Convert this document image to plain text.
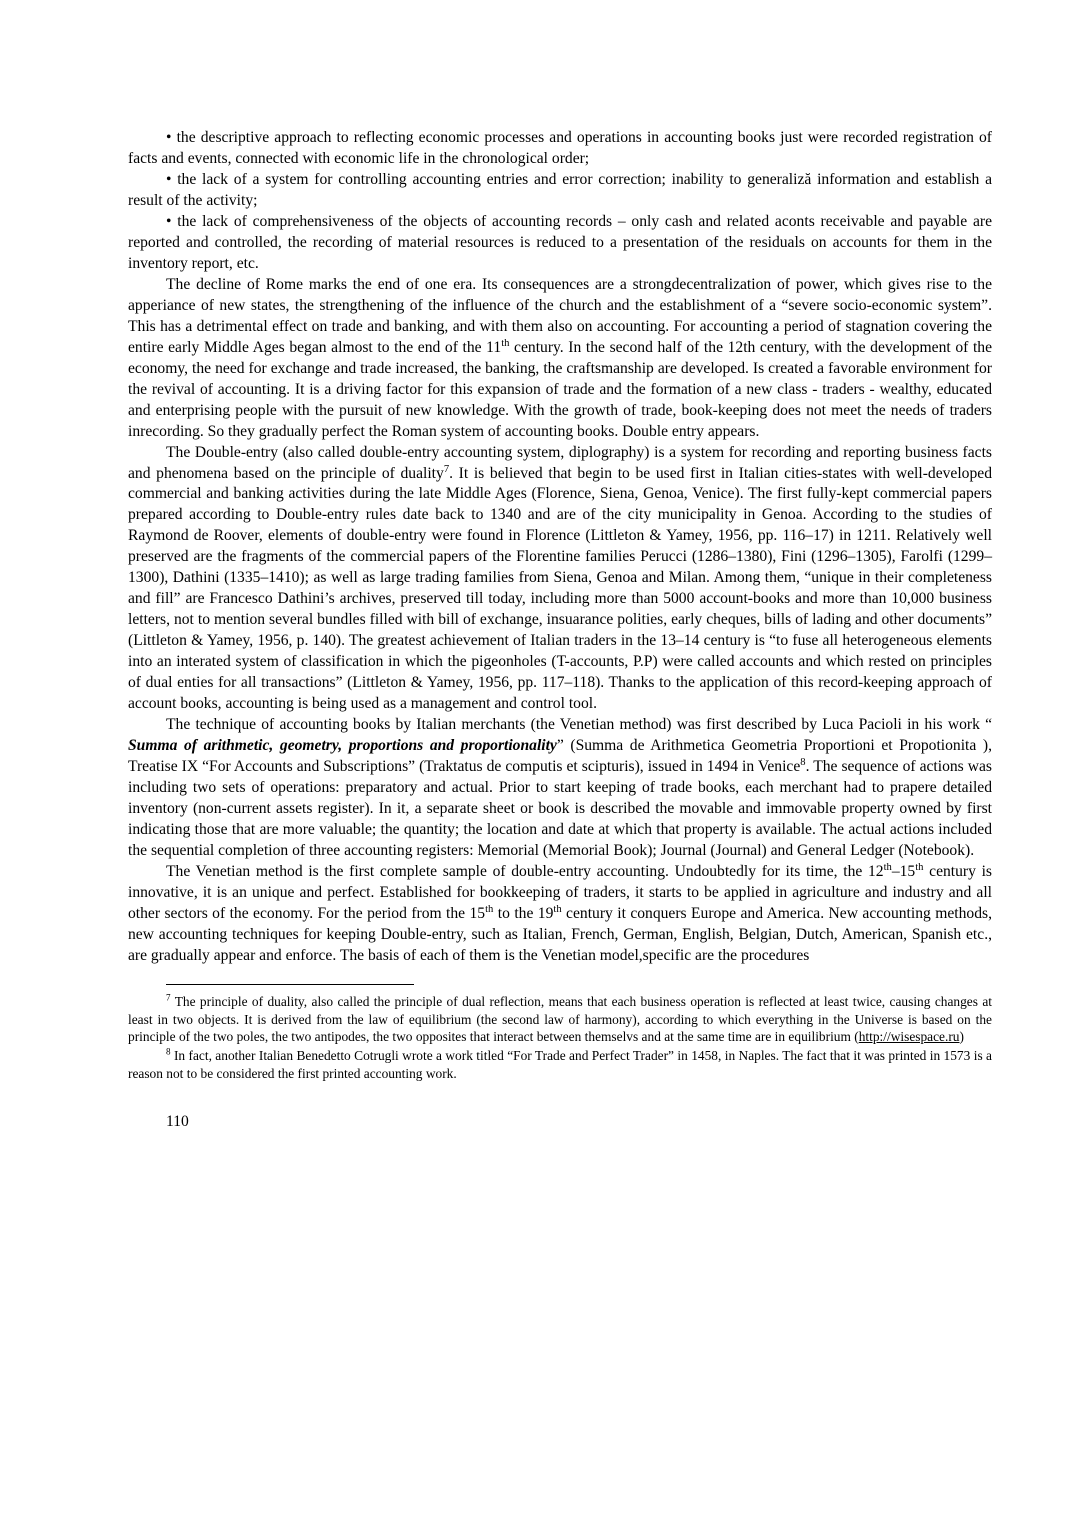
• the descriptive approach to reflecting economic processes and operations in accounting books just were recorded registration of facts and events, connected with economic life in the chronological order;

• the lack of a system for controlling accounting entries and error correction; inability to generaliză information and establish a result of the activity;

• the lack of comprehensiveness of the objects of accounting records – only cash and related aconts receivable and payable are reported and controlled, the recording of material resources is reduced to a presentation of the residuals on accounts for them in the inventory report, etc.

The decline of Rome marks the end of one era. Its consequences are a strongdecentralization of power, which gives rise to the apperiance of new states, the strengthening of the influence of the church and the establishment of a “severe socio-economic system”. This has a detrimental effect on trade and banking, and with them also on accounting. For accounting a period of stagnation covering the entire early Middle Ages began almost to the end of the 11th century. In the second half of the 12th century, with the development of the economy, the need for exchange and trade increased, the banking, the craftsmanship are developed. Is created a favorable environment for the revival of accounting. It is a driving factor for this expansion of trade and the formation of a new class - traders - wealthy, educated and enterprising people with the pursuit of new knowledge. With the growth of trade, book-keeping does not meet the needs of traders inrecording. So they gradually perfect the Roman system of accounting books. Double entry appears.

The Double-entry (also called double-entry accounting system, diplography) is a system for recording and reporting business facts and phenomena based on the principle of duality$^7$. It is believed that begin to be used first in Italian cities-states with well-developed commercial and banking activities during the late Middle Ages (Florence, Siena, Genoa, Venice). The first fully-kept commercial papers prepared according to Double-entry rules date back to 1340 and are of the city municipality in Genoa. According to the studies of Raymond de Roover, elements of double-entry were found in Florence (Littleton & Yamey, 1956, pp. 116–17) in 1211. Relatively well preserved are the fragments of the commercial papers of the Florentine families Perucci (1286–1380), Fini (1296–1305), Farolfi (1299–1300), Dathini (1335–1410); as well as large trading families from Siena, Genoa and Milan. Among them, “unique in their completeness and fill” are Francesco Dathini’s archives, preserved till today, including more than 5000 account-books and more than 10,000 business letters, not to mention several bundles filled with bill of exchange, insuarance polities, early cheques, bills of lading and other documents” (Littleton & Yamey, 1956, p. 140). The greatest achievement of Italian traders in the 13–14 century is “to fuse all heterogeneous elements into an interated system of classification in which the pigeonholes (T-accounts, P.P) were called accounts and which rested on principles of dual enties for all transactions” (Littleton & Yamey, 1956, pp. 117–118). Thanks to the application of this record-keeping approach of account books, accounting is being used as a management and control tool.

The technique of accounting books by Italian merchants (the Venetian method) was first described by Luca Pacioli in his work “ Summa of arithmetic, geometry, proportions and proportionality” (Summa de Arithmetica Geometria Proportioni et Propotionita ), Treatise IX “For Accounts and Subscriptions” (Traktatus de computis et scipturis), issued in 1494 in Venice$^8$. The sequence of actions was including two sets of operations: preparatory and actual. Prior to start keeping of trade books, each merchant had to prapere detailed inventory (non-current assets register). In it, a separate sheet or book is described the movable and immovable property owned by first indicating those that are more valuable; the quantity; the location and date at which that property is available. The actual actions included the sequential completion of three accounting registers: Memorial (Memorial Book); Journal (Journal) and General Ledger (Notebook).

The Venetian method is the first complete sample of double-entry accounting. Undoubtedly for its time, the 12th–15th century is innovative, it is an unique and perfect. Established for bookkeeping of traders, it starts to be applied in agriculture and industry and all other sectors of the economy. For the period from the 15th to the 19th century it conquers Europe and America. New accounting methods, new accounting techniques for keeping Double-entry, such as Italian, French, German, English, Belgian, Dutch, American, Spanish etc., are gradually appear and enforce. The basis of each of them is the Venetian model,specific are the procedures

$^7$ The principle of duality, also called the principle of dual reflection, means that each business operation is reflected at least twice, causing changes at least in two objects. It is derived from the law of equilibrium (the second law of harmony), according to which everything in the Universe is based on the principle of the two poles, the two antipodes, the two opposites that interact between themselvs and at the same time are in equilibrium (http://wisespace.ru)

$^8$ In fact, another Italian Benedetto Cotrugli wrote a work titled “For Trade and Perfect Trader” in 1458, in Naples. The fact that it was printed in 1573 is a reason not to be considered the first printed accounting work.

110
